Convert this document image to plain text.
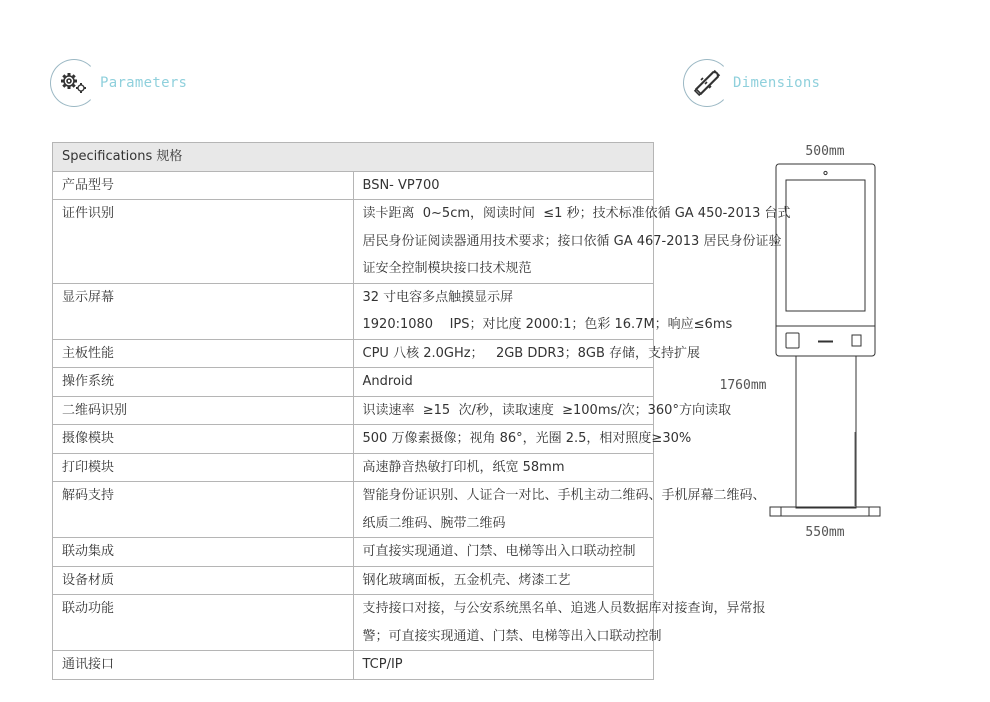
Parameters	Dimensions
Specifications 规格	
产品型号	BSN- VP700

证件识别	读卡距离  0~5cm，阅读时间  ≤1 秒；技术标准依循 GA 450-2013 台式
居民身份证阅读器通用技术要求；接口依循 GA 467-2013 居民身份证验
证安全控制模块接口技术规范

显示屏幕	32 寸电容多点触摸显示屏
1920:1080    IPS；对比度 2000:1；色彩 16.7M；响应≤6ms

主板性能	CPU 八核 2.0GHz；   2GB DDR3；8GB 存储，支持扩展

操作系统	Android

二维码识别	识读速率  ≥15  次/秒，读取速度  ≥100ms/次；360°方向读取

摄像模块	500 万像素摄像；视角 86°，光圈 2.5，相对照度≥30%

打印模块	高速静音热敏打印机，纸宽 58mm

解码支持	智能身份证识别、人证合一对比、手机主动二维码、手机屏幕二维码、
纸质二维码、腕带二维码

联动集成	可直接实现通道、门禁、电梯等出入口联动控制

设备材质	钢化玻璃面板，五金机壳、烤漆工艺

联动功能	支持接口对接，与公安系统黑名单、追逃人员数据库对接查询，异常报
警；可直接实现通道、门禁、电梯等出入口联动控制

通讯接口	TCP/IP
500mm
1760mm
550mm
